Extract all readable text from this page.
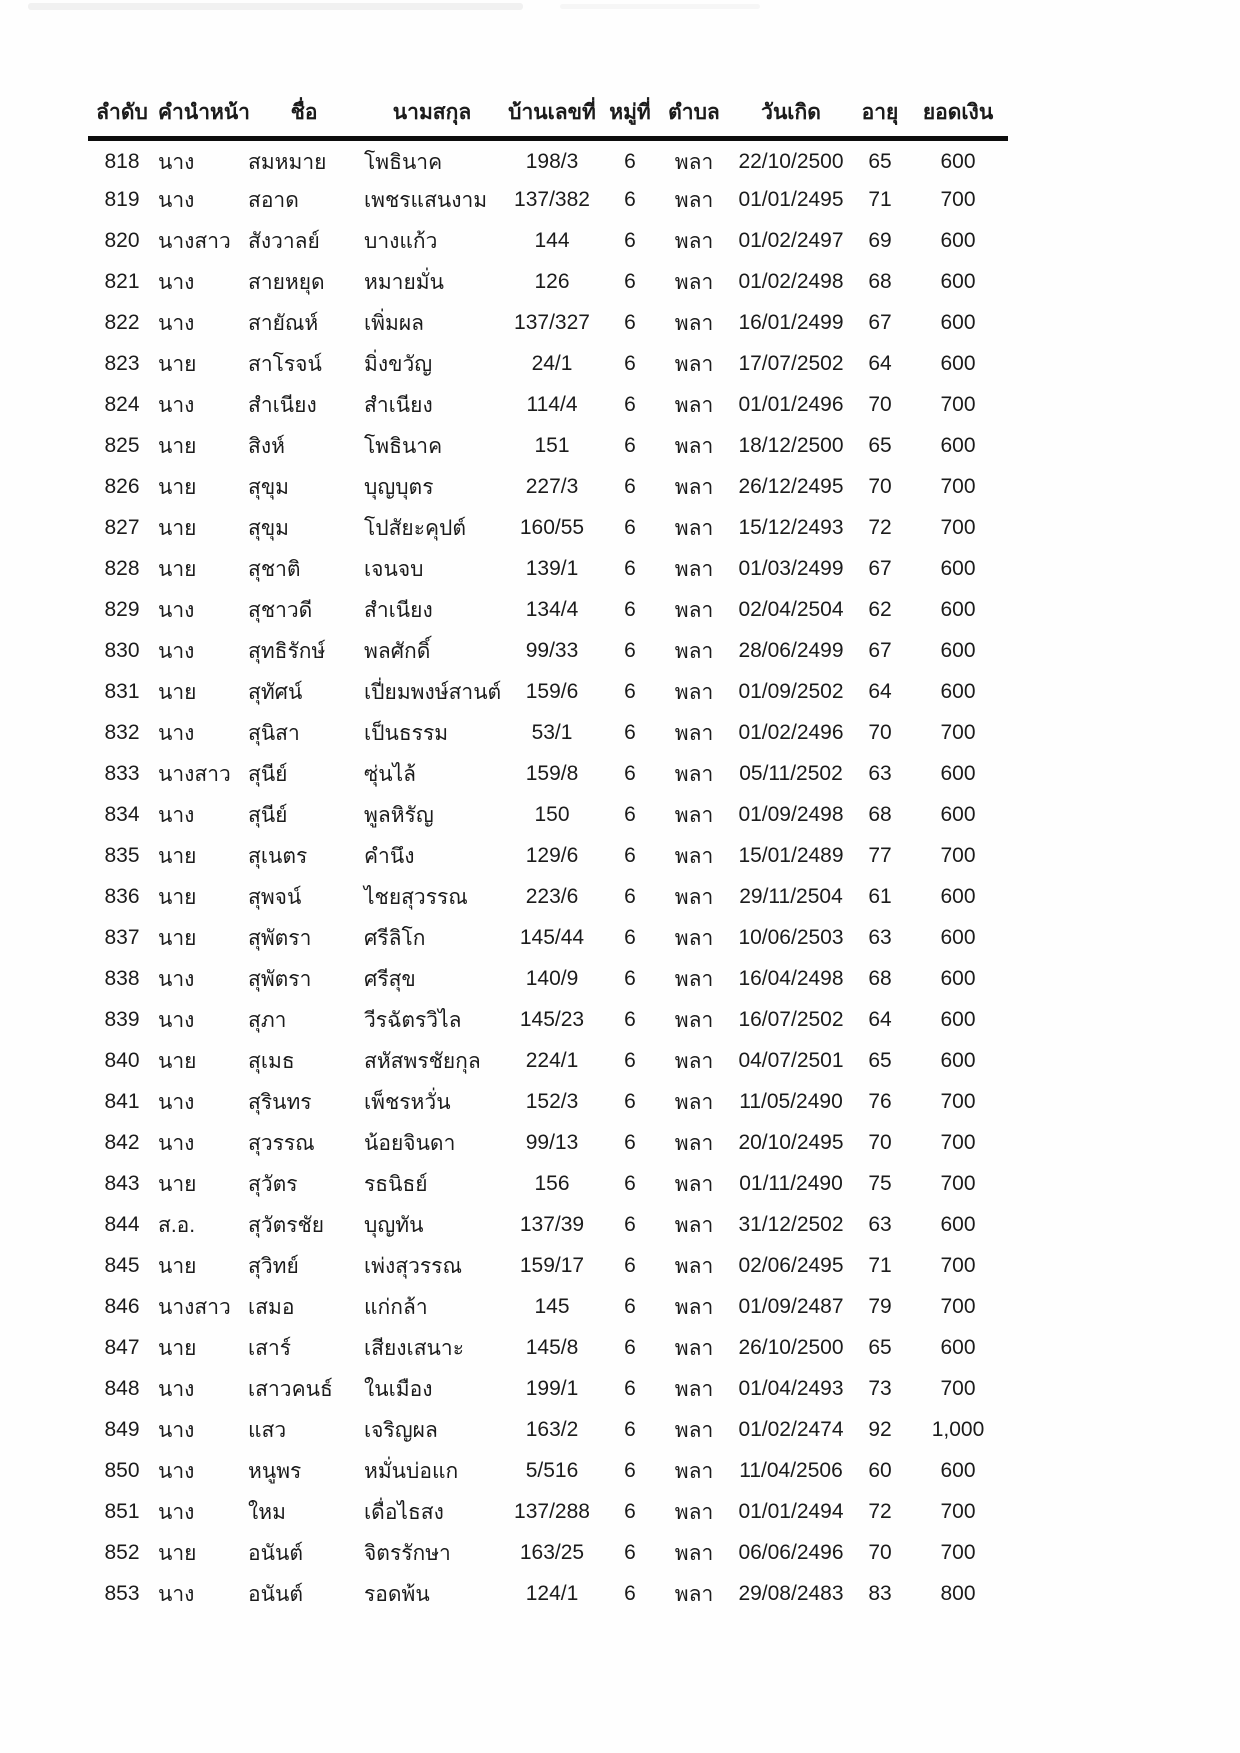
ลำดับ	คำนำหน้า	ชื่อ	นามสกุล	บ้านเลขที่	หมู่ที่	ตำบล	วันเกิด	อายุ	ยอดเงิน
818	นาง	สมหมาย	โพธินาค	198/3	6	พลา	22/10/2500	65	600
819	นาง	สอาด	เพชรแสนงาม	137/382	6	พลา	01/01/2495	71	700
820	นางสาว	สังวาลย์	บางแก้ว	144	6	พลา	01/02/2497	69	600
821	นาง	สายหยุด	หมายมั่น	126	6	พลา	01/02/2498	68	600
822	นาง	สายัณห์	เพิ่มผล	137/327	6	พลา	16/01/2499	67	600
823	นาย	สาโรจน์	มิ่งขวัญ	24/1	6	พลา	17/07/2502	64	600
824	นาง	สำเนียง	สำเนียง	114/4	6	พลา	01/01/2496	70	700
825	นาย	สิงห์	โพธินาค	151	6	พลา	18/12/2500	65	600
826	นาย	สุขุม	บุญบุตร	227/3	6	พลา	26/12/2495	70	700
827	นาย	สุขุม	โปสัยะคุปต์	160/55	6	พลา	15/12/2493	72	700
828	นาย	สุชาติ	เจนจบ	139/1	6	พลา	01/03/2499	67	600
829	นาง	สุชาวดี	สำเนียง	134/4	6	พลา	02/04/2504	62	600
830	นาง	สุทธิรักษ์	พลศักดิ์	99/33	6	พลา	28/06/2499	67	600
831	นาย	สุทัศน์	เปี่ยมพงษ์สานต์	159/6	6	พลา	01/09/2502	64	600
832	นาง	สุนิสา	เป็นธรรม	53/1	6	พลา	01/02/2496	70	700
833	นางสาว	สุนีย์	ซุ่นไล้	159/8	6	พลา	05/11/2502	63	600
834	นาง	สุนีย์	พูลหิรัญ	150	6	พลา	01/09/2498	68	600
835	นาย	สุเนตร	คำนึง	129/6	6	พลา	15/01/2489	77	700
836	นาย	สุพจน์	ไชยสุวรรณ	223/6	6	พลา	29/11/2504	61	600
837	นาย	สุพัตรา	ศรีลิโก	145/44	6	พลา	10/06/2503	63	600
838	นาง	สุพัตรา	ศรีสุข	140/9	6	พลา	16/04/2498	68	600
839	นาง	สุภา	วีรฉัตรวิไล	145/23	6	พลา	16/07/2502	64	600
840	นาย	สุเมธ	สหัสพรชัยกุล	224/1	6	พลา	04/07/2501	65	600
841	นาง	สุรินทร	เพ็ชรหวั่น	152/3	6	พลา	11/05/2490	76	700
842	นาง	สุวรรณ	น้อยจินดา	99/13	6	พลา	20/10/2495	70	700
843	นาย	สุวัตร	รธนิธย์	156	6	พลา	01/11/2490	75	700
844	ส.อ.	สุวัตรชัย	บุญทัน	137/39	6	พลา	31/12/2502	63	600
845	นาย	สุวิทย์	เพ่งสุวรรณ	159/17	6	พลา	02/06/2495	71	700
846	นางสาว	เสมอ	แก่กล้า	145	6	พลา	01/09/2487	79	700
847	นาย	เสาร์	เสียงเสนาะ	145/8	6	พลา	26/10/2500	65	600
848	นาง	เสาวคนธ์	ในเมือง	199/1	6	พลา	01/04/2493	73	700
849	นาง	แสว	เจริญผล	163/2	6	พลา	01/02/2474	92	1,000
850	นาง	หนูพร	หมั่นบ่อแก	5/516	6	พลา	11/04/2506	60	600
851	นาง	ใหม	เดื่อไธสง	137/288	6	พลา	01/01/2494	72	700
852	นาย	อนันต์	จิตรรักษา	163/25	6	พลา	06/06/2496	70	700
853	นาง	อนันต์	รอดพ้น	124/1	6	พลา	29/08/2483	83	800
